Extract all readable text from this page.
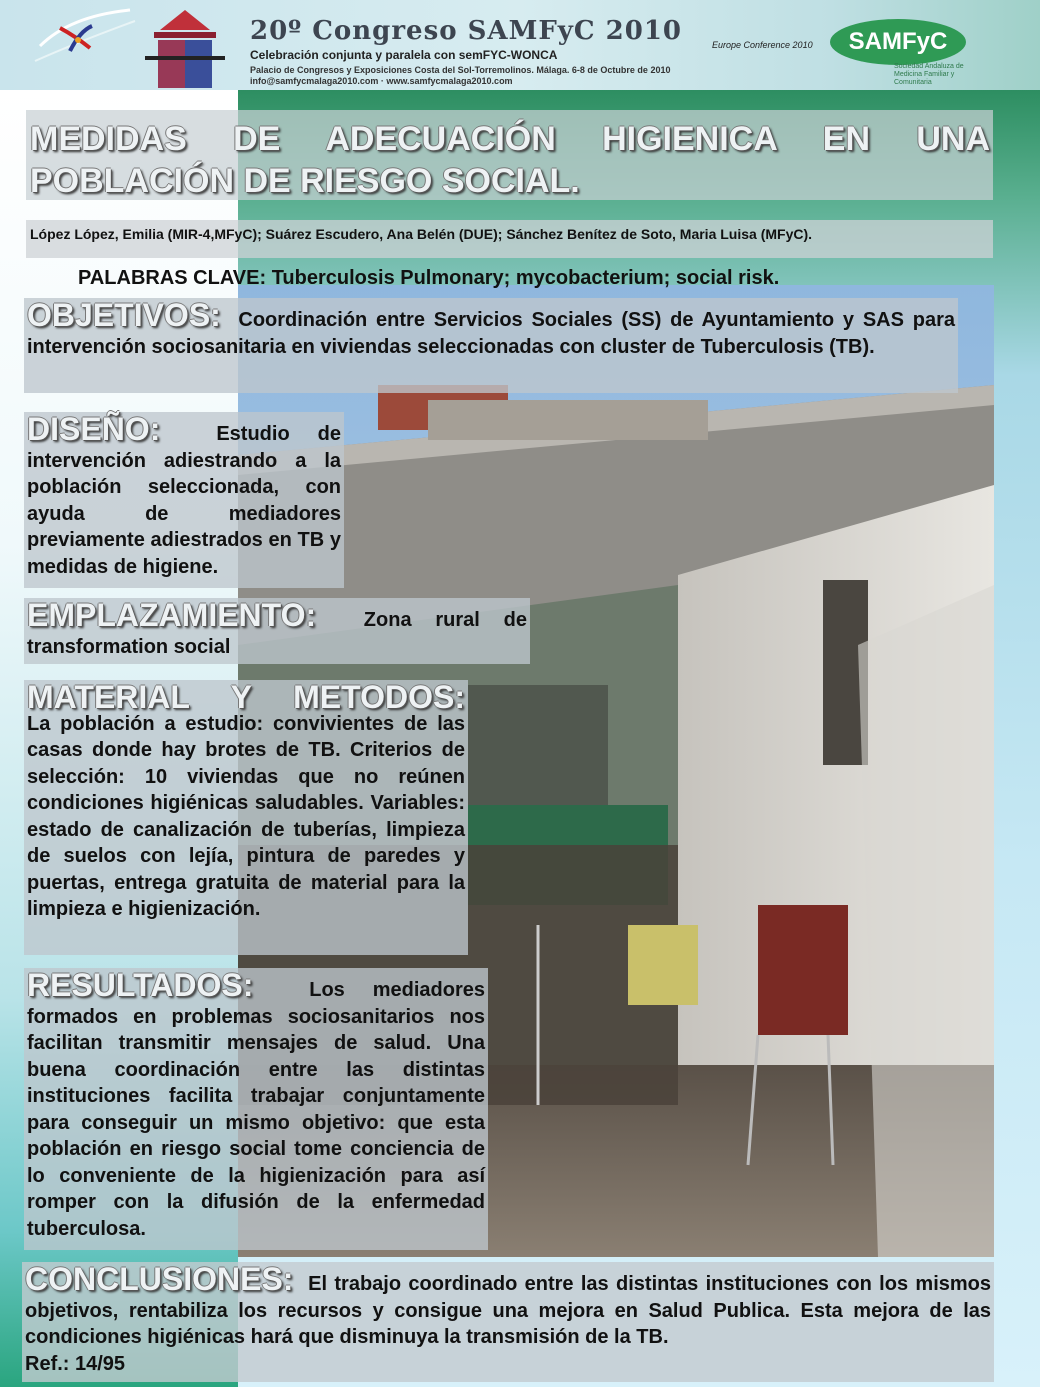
20º Congreso SAMFyC 2010
Celebración conjunta y paralela con semFYC-WONCA
Europe Conference 2010
Palacio de Congresos y Exposiciones Costa del Sol-Torremolinos. Málaga. 6-8 de Octubre de 2010
info@samfycmalaga2010.com · www.samfycmalaga2010.com
SAMFyC
Sociedad Andaluza de Medicina Familiar y Comunitaria
MEDIDAS DE ADECUACIÓN HIGIENICA EN UNA POBLACIÓN DE RIESGO SOCIAL.
López López, Emilia (MIR-4,MFyC); Suárez Escudero, Ana Belén (DUE); Sánchez Benítez de Soto, Maria Luisa (MFyC).
PALABRAS CLAVE: Tuberculosis Pulmonary; mycobacterium; social risk.
OBJETIVOS: Coordinación entre Servicios Sociales (SS) de Ayuntamiento y SAS para intervención sociosanitaria en viviendas seleccionadas con cluster de Tuberculosis (TB).
DISEÑO:	Estudio de intervención adiestrando a la población seleccionada, con ayuda de mediadores previamente adiestrados en TB y medidas de higiene.
EMPLAZAMIENTO: Zona rural de transformation social
MATERIAL Y METODOS:
La población a estudio: convivientes de las casas donde hay brotes de TB. Criterios de selección: 10 viviendas que no reúnen condiciones higiénicas saludables. Variables: estado de canalización de tuberías, limpieza de suelos con lejía, pintura de paredes y puertas, entrega gratuita de material para la limpieza e higienización.
RESULTADOS:	Los mediadores formados en problemas sociosanitarios nos facilitan transmitir mensajes de salud. Una buena coordinación entre las distintas instituciones facilita trabajar conjuntamente para conseguir un mismo objetivo: que esta población en riesgo social tome conciencia de lo conveniente de la higienización para así romper con la difusión de la enfermedad tuberculosa.
CONCLUSIONES: El trabajo coordinado entre las distintas instituciones con los mismos objetivos, rentabiliza los recursos y consigue una mejora en Salud Publica. Esta mejora de las condiciones higiénicas hará que disminuya la transmisión de la TB.
Ref.: 14/95
